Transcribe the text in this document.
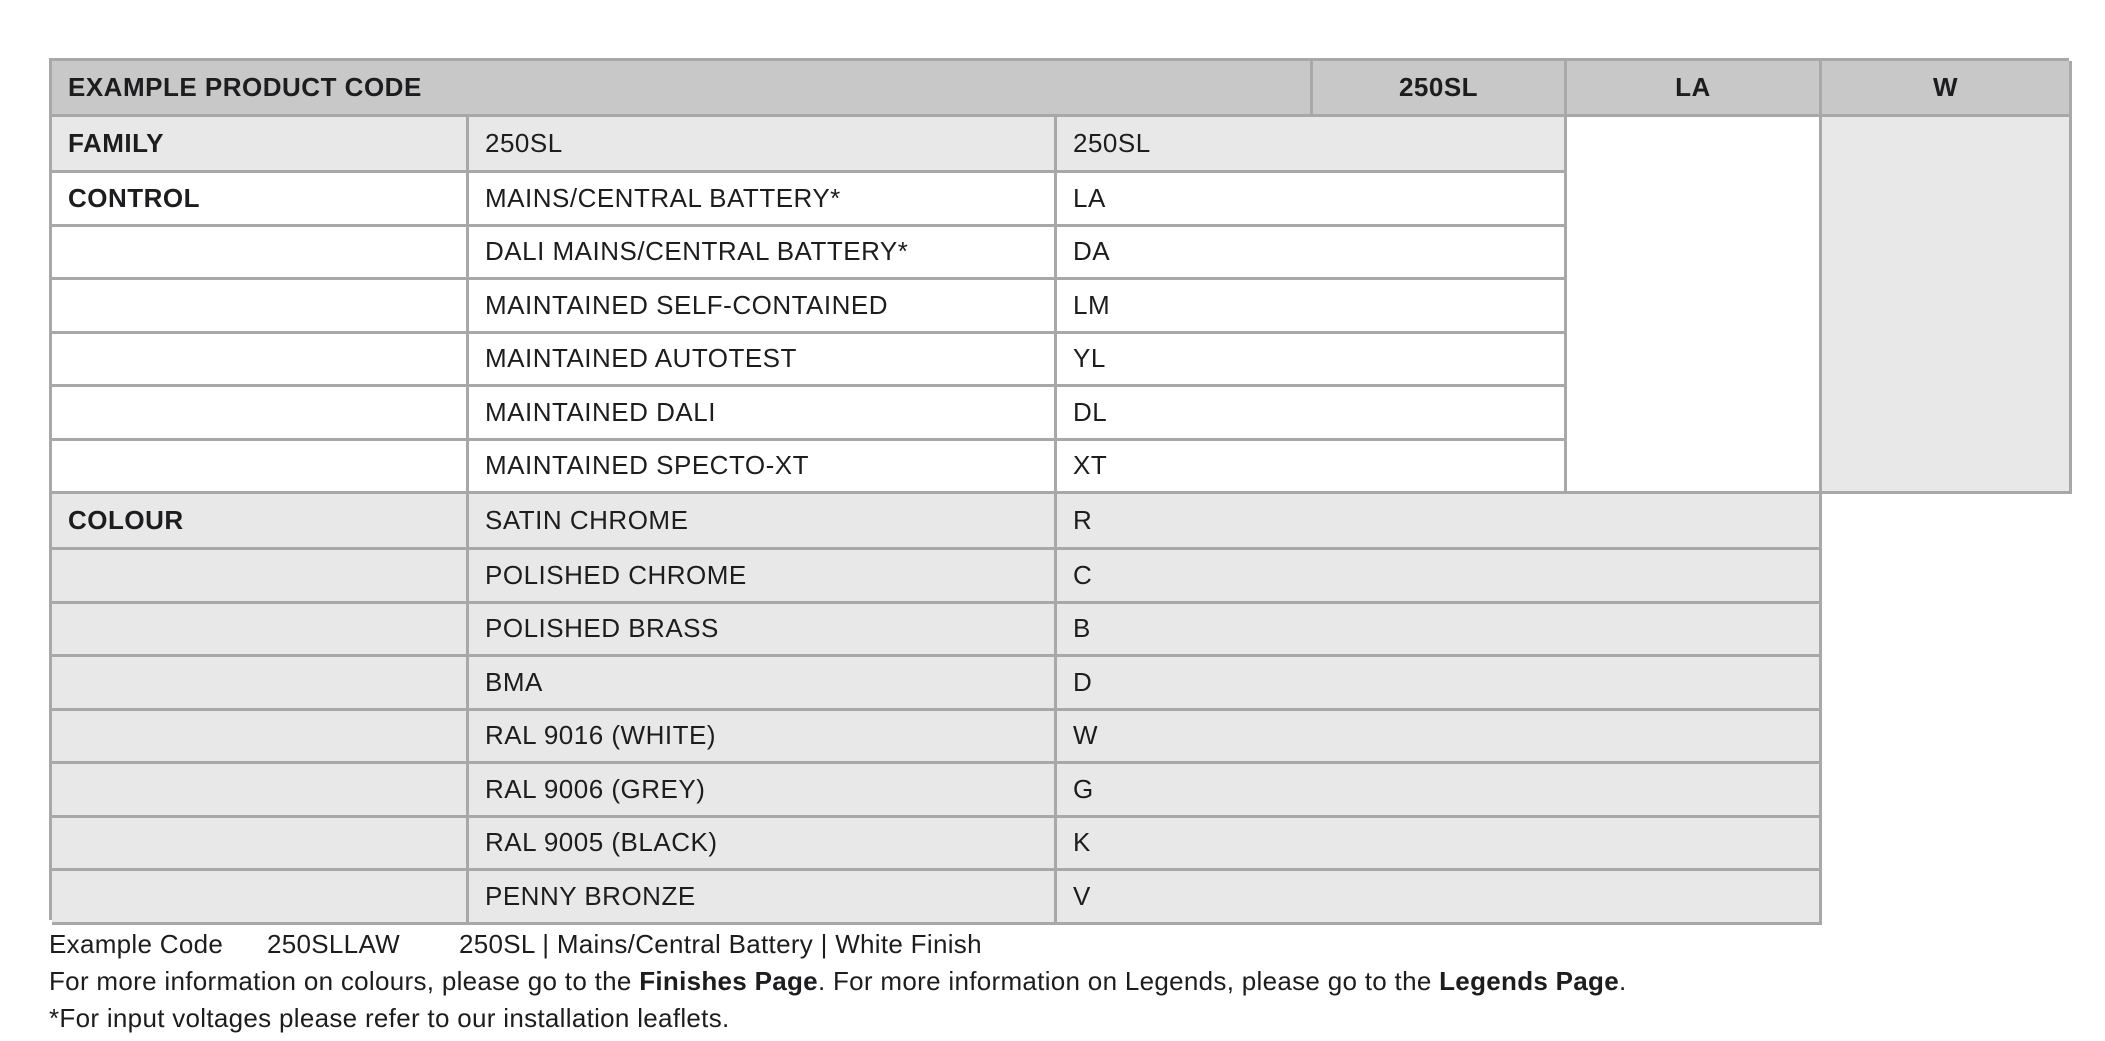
EXAMPLE PRODUCT CODE	250SL	LA	W
FAMILY	250SL	250SL
CONTROL	MAINS/CENTRAL BATTERY*	LA
DALI MAINS/CENTRAL BATTERY*	DA
MAINTAINED SELF-CONTAINED	LM
MAINTAINED AUTOTEST	YL
MAINTAINED DALI	DL
MAINTAINED SPECTO-XT	XT
COLOUR	SATIN CHROME	R
POLISHED CHROME	C
POLISHED BRASS	B
BMA	D
RAL 9016 (WHITE)	W
RAL 9006 (GREY)	G
RAL 9005 (BLACK)	K
PENNY BRONZE	V
Example Code 250SLLAW 250SL | Mains/Central Battery | White Finish
For more information on colours, please go to the Finishes Page. For more information on Legends, please go to the Legends Page.
*For input voltages please refer to our installation leaflets.
